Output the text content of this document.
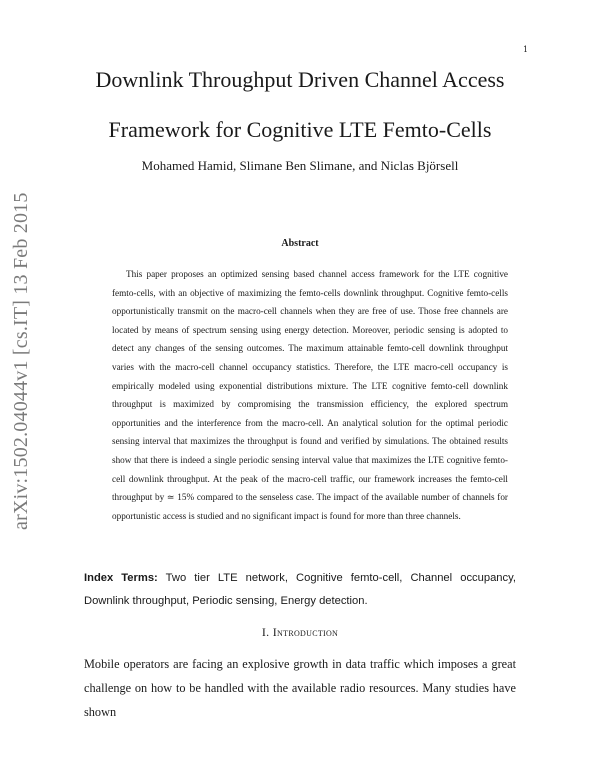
1
arXiv:1502.04044v1 [cs.IT] 13 Feb 2015
Downlink Throughput Driven Channel Access
Framework for Cognitive LTE Femto-Cells
Mohamed Hamid, Slimane Ben Slimane, and Niclas Björsell
Abstract

This paper proposes an optimized sensing based channel access framework for the LTE cognitive femto-cells, with an objective of maximizing the femto-cells downlink throughput. Cognitive femto-cells opportunistically transmit on the macro-cell channels when they are free of use. Those free channels are located by means of spectrum sensing using energy detection. Moreover, periodic sensing is adopted to detect any changes of the sensing outcomes. The maximum attainable femto-cell downlink throughput varies with the macro-cell channel occupancy statistics. Therefore, the LTE macro-cell occupancy is empirically modeled using exponential distributions mixture. The LTE cognitive femto-cell downlink throughput is maximized by compromising the transmission efficiency, the explored spectrum opportunities and the interference from the macro-cell. An analytical solution for the optimal periodic sensing interval that maximizes the throughput is found and verified by simulations. The obtained results show that there is indeed a single periodic sensing interval value that maximizes the LTE cognitive femto-cell downlink throughput. At the peak of the macro-cell traffic, our framework increases the femto-cell throughput by ≃ 15% compared to the senseless case. The impact of the available number of channels for opportunistic access is studied and no significant impact is found for more than three channels.

Index Terms: Two tier LTE network, Cognitive femto-cell, Channel occupancy, Downlink throughput, Periodic sensing, Energy detection.

I. Introduction

Mobile operators are facing an explosive growth in data traffic which imposes a great challenge on how to be handled with the available radio resources. Many studies have shown
